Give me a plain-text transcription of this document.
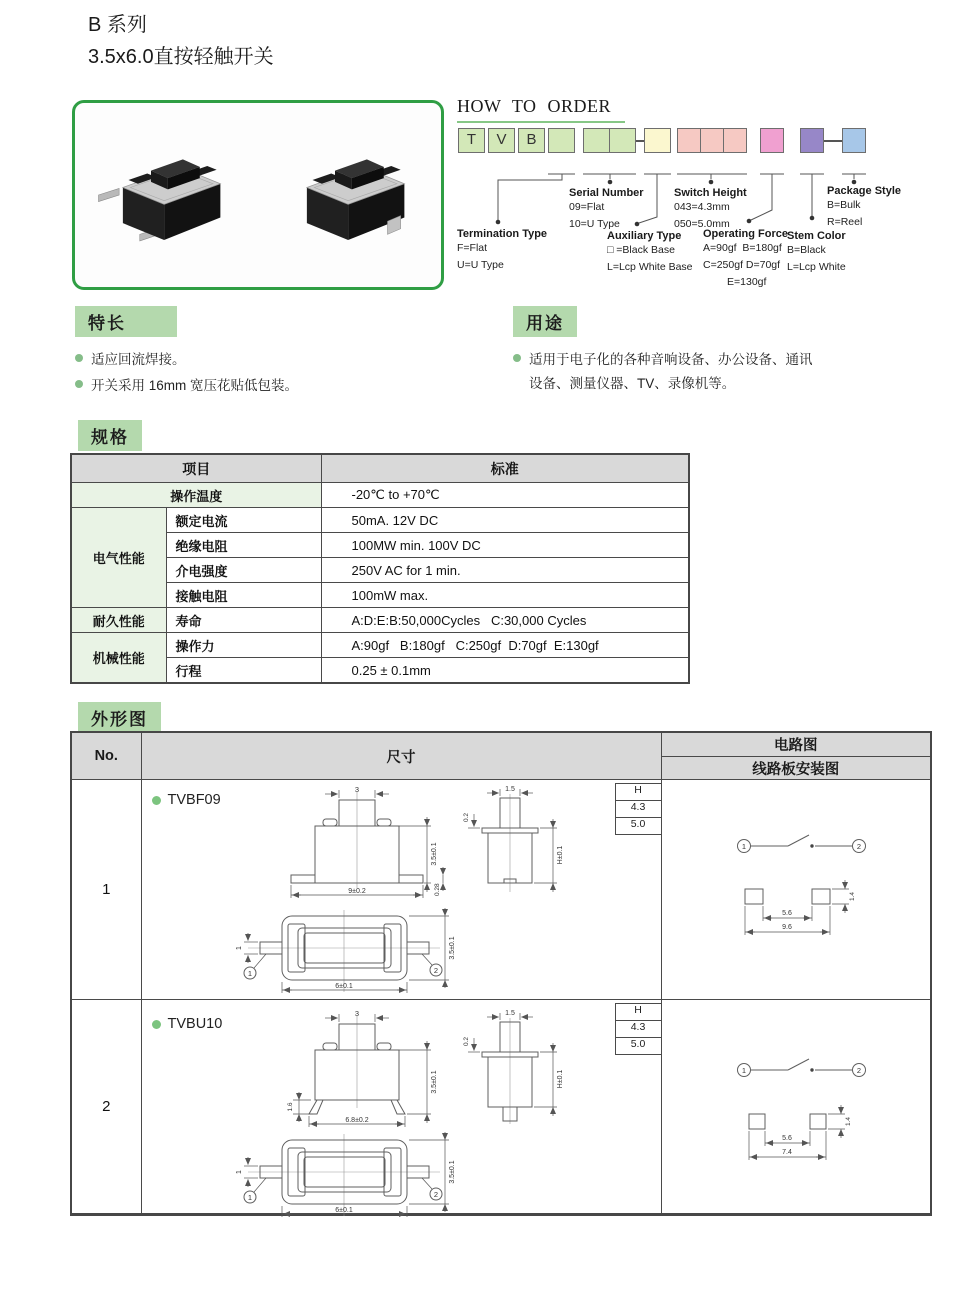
B 系列
3.5x6.0直按轻触开关
HOW TO ORDER
T	V	B
Serial Number
09=Flat
10=U Type
Switch Height
043=4.3mm
050=5.0mm
Package Style
B=Bulk
R=Reel
Termination Type
F=Flat
U=U Type
Auxiliary Type
□ =Black Base
L=Lcp White Base
Operating Force
A=90gf  B=180gf
C=250gf D=70gf
E=130gf
Stem Color
B=Black
L=Lcp White
特长
适应回流焊接。
开关采用 16mm 宽压花贴低包装。
用途
适用于电子化的各种音响设备、办公设备、通讯
设备、测量仪器、TV、录像机等。
规格
项目		标准
操作温度		-20℃ to +70℃
电气性能	额定电流	50mA. 12V DC
	绝缘电阻	100MW min. 100V DC
	介电强度	250V AC for 1 min.
	接触电阻	100mW max.
耐久性能	寿命	A:D:E:B:50,000Cycles   C:30,000 Cycles
机械性能	操作力	A:90gf   B:180gf   C:250gf  D:70gf  E:130gf
	行程	0.25 ± 0.1mm
外形图
No.	尺寸	电路图
线路板安装图
1	
TVBF09
H
4.3
5.0
3
3.5±0.1
0.28
9±0.2
1.5
0.2
H±0.1
1	2
1	3.5±0.1
6±0.1

1	2
5.6
9.6
1.4

2	
TVBU10
H
4.3
5.0
3
1.6
3.5±0.1
6.8±0.2
1.5
0.2
H±0.1
1	2
1	3.5±0.1
6±0.1

1	2
5.6
7.4
1.4
